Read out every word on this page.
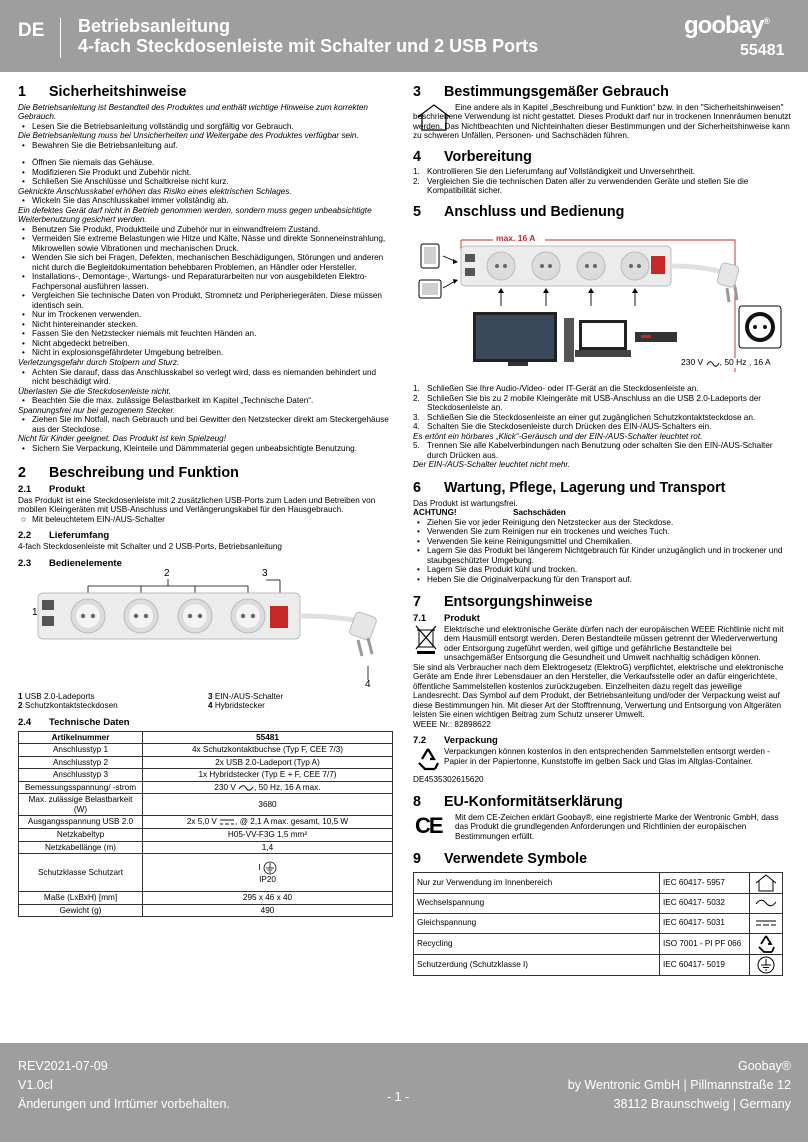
DE Betriebsanleitung
4-fach Steckdosenleiste mit Schalter und 2 USB Ports
goobay®
55481
1	Sicherheitshinweise

Die Betriebsanleitung ist Bestandteil des Produktes und enthält wichtige Hinweise zum korrekten Gebrauch.

• Lesen Sie die Betriebsanleitung vollständig und sorgfältig vor Gebrauch.

Die Betriebsanleitung muss bei Unsicherheiten und Weitergabe des Produktes verfügbar sein.

• Bewahren Sie die Betriebsanleitung auf.
• Öffnen Sie niemals das Gehäuse.
• Modifizieren Sie Produkt und Zubehör nicht.
• Schließen Sie Anschlüsse und Schaltkreise nicht kurz.

Geknickte Anschlusskabel erhöhen das Risiko eines elektrischen Schlages.

• Wickeln Sie das Anschlusskabel immer vollständig ab.

Ein defektes Gerät darf nicht in Betrieb genommen werden, sondern muss gegen unbeabsichtigte Weiterbenutzung gesichert werden.

• Benutzen Sie Produkt, Produktteile und Zubehör nur in einwandfreiem Zustand.
• Vermeiden Sie extreme Belastungen wie Hitze und Kälte, Nässe und direkte Sonneneinstrahlung, Mikrowellen sowie Vibrationen und mechanischen Druck.
• Wenden Sie sich bei Fragen, Defekten, mechanischen Beschädigungen, Störungen und anderen nicht durch die Begleitdokumentation behebbaren Problemen, an Händler oder Hersteller.
• Installations-, Demontage-, Wartungs- und Reparaturarbeiten nur von ausgebildeten Elektro-Fachpersonal ausführen lassen.
• Vergleichen Sie technische Daten von Produkt, Stromnetz und Peripheriegeräten. Diese müssen identisch sein.
• Nur im Trockenen verwenden.
• Nicht hintereinander stecken.
• Fassen Sie den Netzstecker niemals mit feuchten Händen an.
• Nicht abgedeckt betreiben.
• Nicht in explosionsgefährdeter Umgebung betreiben.

Verletzungsgefahr durch Stolpern und Sturz.

• Achten Sie darauf, dass das Anschlusskabel so verlegt wird, dass es niemanden behindert und nicht beschädigt wird.

Überlasten Sie die Steckdosenleiste nicht.

• Beachten Sie die max. zulässige Belastbarkeit im Kapitel „Technische Daten“.

Spannungsfrei nur bei gezogenem Stecker.

• Ziehen Sie im Notfall, nach Gebrauch und bei Gewitter den Netzstecker direkt am Steckergehäuse aus der Steckdose.

Nicht für Kinder geeignet. Das Produkt ist kein Spielzeug!

• Sichern Sie Verpackung, Kleinteile und Dämmmaterial gegen unbeabsichtigte Benutzung.
2	Beschreibung und Funktion
2.1	Produkt

Das Produkt ist eine Steckdosenleiste mit 2 zusätzlichen USB-Ports zum Laden und Betreiben von mobilen Kleingeräten mit USB-Anschluss und Verlängerungskabel für den Hausgebrauch.

○ Mit beleuchtetem EIN-/AUS-Schalter

2.2	Lieferumfang

4-fach Steckdosenleiste mit Schalter und 2 USB-Ports, Betriebsanleitung

2.3	Bedienelemente
2	3
1
4
1 USB 2.0-Ladeports	3 EIN-/AUS-Schalter
2 Schutzkontaktsteckdosen	4 Hybridstecker
2.4	Technische Daten
Artikelnummer	55481
Anschlusstyp 1	4x Schutzkontaktbuchse (Typ F, CEE 7/3)
Anschlusstyp 2	2x USB 2.0-Ladeport (Typ A)
Anschlusstyp 3	1x Hybridstecker (Typ E + F, CEE 7/7)
Bemessungsspannung/ -strom	230 V , 50 Hz, 16 A max.
Max. zulässige Belastbarkeit (W)	3680
Ausgangsspannung USB 2.0	2x 5,0 V , @ 2,1 A max. gesamt, 10,5 W
Netzkabeltyp	H05-VV-F3G 1,5 mm²
Netzkabellänge (m)	1,4
Schutzklasse Schutzart	I
IP20
Maße (LxBxH) [mm]	295 x 46 x 40
Gewicht (g)	490
3	Bestimmungsgemäßer Gebrauch

Eine andere als in Kapitel „Beschreibung und Funktion“ bzw. in den "Sicherheitshinweisen" beschriebene Verwendung ist nicht gestattet. Dieses Produkt darf nur in trockenen Innenräumen benutzt werden. Das Nichtbeachten und Nichteinhalten dieser Bestimmungen und der Sicherheitshinweise kann zu schweren Unfällen, Personen- und Sachschäden führen.

4	Vorbereitung
1. Kontrollieren Sie den Lieferumfang auf Vollständigkeit und Unversehrtheit.
2. Vergleichen Sie die technischen Daten aller zu verwendenden Geräte und stellen Sie die Kompatibilität sicher.
5	Anschluss und Bedienung
max. 16 A
230 V , 50 Hz , 16 A
1. Schließen Sie Ihre Audio-/Video- oder IT-Gerät an die Steckdosenleiste an.
2. Schließen Sie bis zu 2 mobile Kleingeräte mit USB-Anschluss an die USB 2.0-Ladeports der Steckdosenleiste an.
3. Schließen Sie die Steckdosenleiste an einer gut zugänglichen Schutzkontaktsteckdose an.
4. Schalten Sie die Steckdosenleiste durch Drücken des EIN-/AUS-Schalters ein.

Es ertönt ein hörbares „Klick“-Geräusch und der EIN-/AUS-Schalter leuchtet rot.

5. Trennen Sie alle Kabelverbindungen nach Benutzung oder schalten Sie den EIN-/AUS-Schalter durch Drücken aus.

Der EIN-/AUS-Schalter leuchtet nicht mehr.

6	Wartung, Pflege, Lagerung und Transport

Das Produkt ist wartungsfrei.

ACHTUNG!	Sachschäden

• Ziehen Sie vor jeder Reinigung den Netzstecker aus der Steckdose.
• Verwenden Sie zum Reinigen nur ein trockenes und weiches Tuch.
• Verwenden Sie keine Reinigungsmittel und Chemikalien.
• Lagern Sie das Produkt bei längerem Nichtgebrauch für Kinder unzugänglich und in trockener und staubgeschützter Umgebung.
• Lagern Sie das Produkt kühl und trocken.
• Heben Sie die Originalverpackung für den Transport auf.
7	Entsorgungshinweise
7.1	Produkt

Elektrische und elektronische Geräte dürfen nach der europäischen WEEE Richtlinie nicht mit dem Hausmüll entsorgt werden. Deren Bestandteile müssen getrennt der Wiederverwertung oder Entsorgung zugeführt werden, weil giftige und gefährliche Bestandteile bei unsachgemäßer Entsorgung die Gesundheit und Umwelt nachhaltig schädigen können.

Sie sind als Verbraucher nach dem Elektrogesetz (ElektroG) verpflichtet, elektrische und elektronische Geräte am Ende ihrer Lebensdauer an den Hersteller, die Verkaufsstelle oder an dafür eingerichtete, öffentliche Sammelstellen kostenlos zurückzugeben. Einzelheiten dazu regelt das jeweilige Landesrecht. Das Symbol auf dem Produkt, der Betriebsanleitung und/oder der Verpackung weist auf diese Bestimmungen hin. Mit dieser Art der Stofftrennung, Verwertung und Entsorgung von Altgeräten leisten Sie einen wichtigen Beitrag zum Schutz unserer Umwelt.

WEEE Nr.: 82898622

7.2	Verpackung

Verpackungen können kostenlos in den entsprechenden Sammelstellen entsorgt werden - Papier in der Papiertonne, Kunststoffe im gelben Sack und Glas im Altglas-Container.

DE4535302615620

8	EU-Konformitätserklärung
CE	Mit dem CE-Zeichen erklärt Goobay®, eine registrierte Marke der Wentronic GmbH, dass das Produkt die grundlegenden Anforderungen und Richtlinien der europäischen Bestimmungen erfüllt.

9	Verwendete Symbole
Nur zur Verwendung im Innenbereich	IEC 60417- 5957	
Wechselspannung	IEC 60417- 5032	
Gleichspannung	IEC 60417- 5031	
Recycling	ISO 7001 - PI PF 066	
Schutzerdung (Schutzklasse I)	IEC 60417- 5019	
REV2021-07-09
V1.0cl
Änderungen und Irrtümer vorbehalten.	- 1 -
Goobay®
by Wentronic GmbH | Pillmannstraße 12
38112 Braunschweig | Germany
